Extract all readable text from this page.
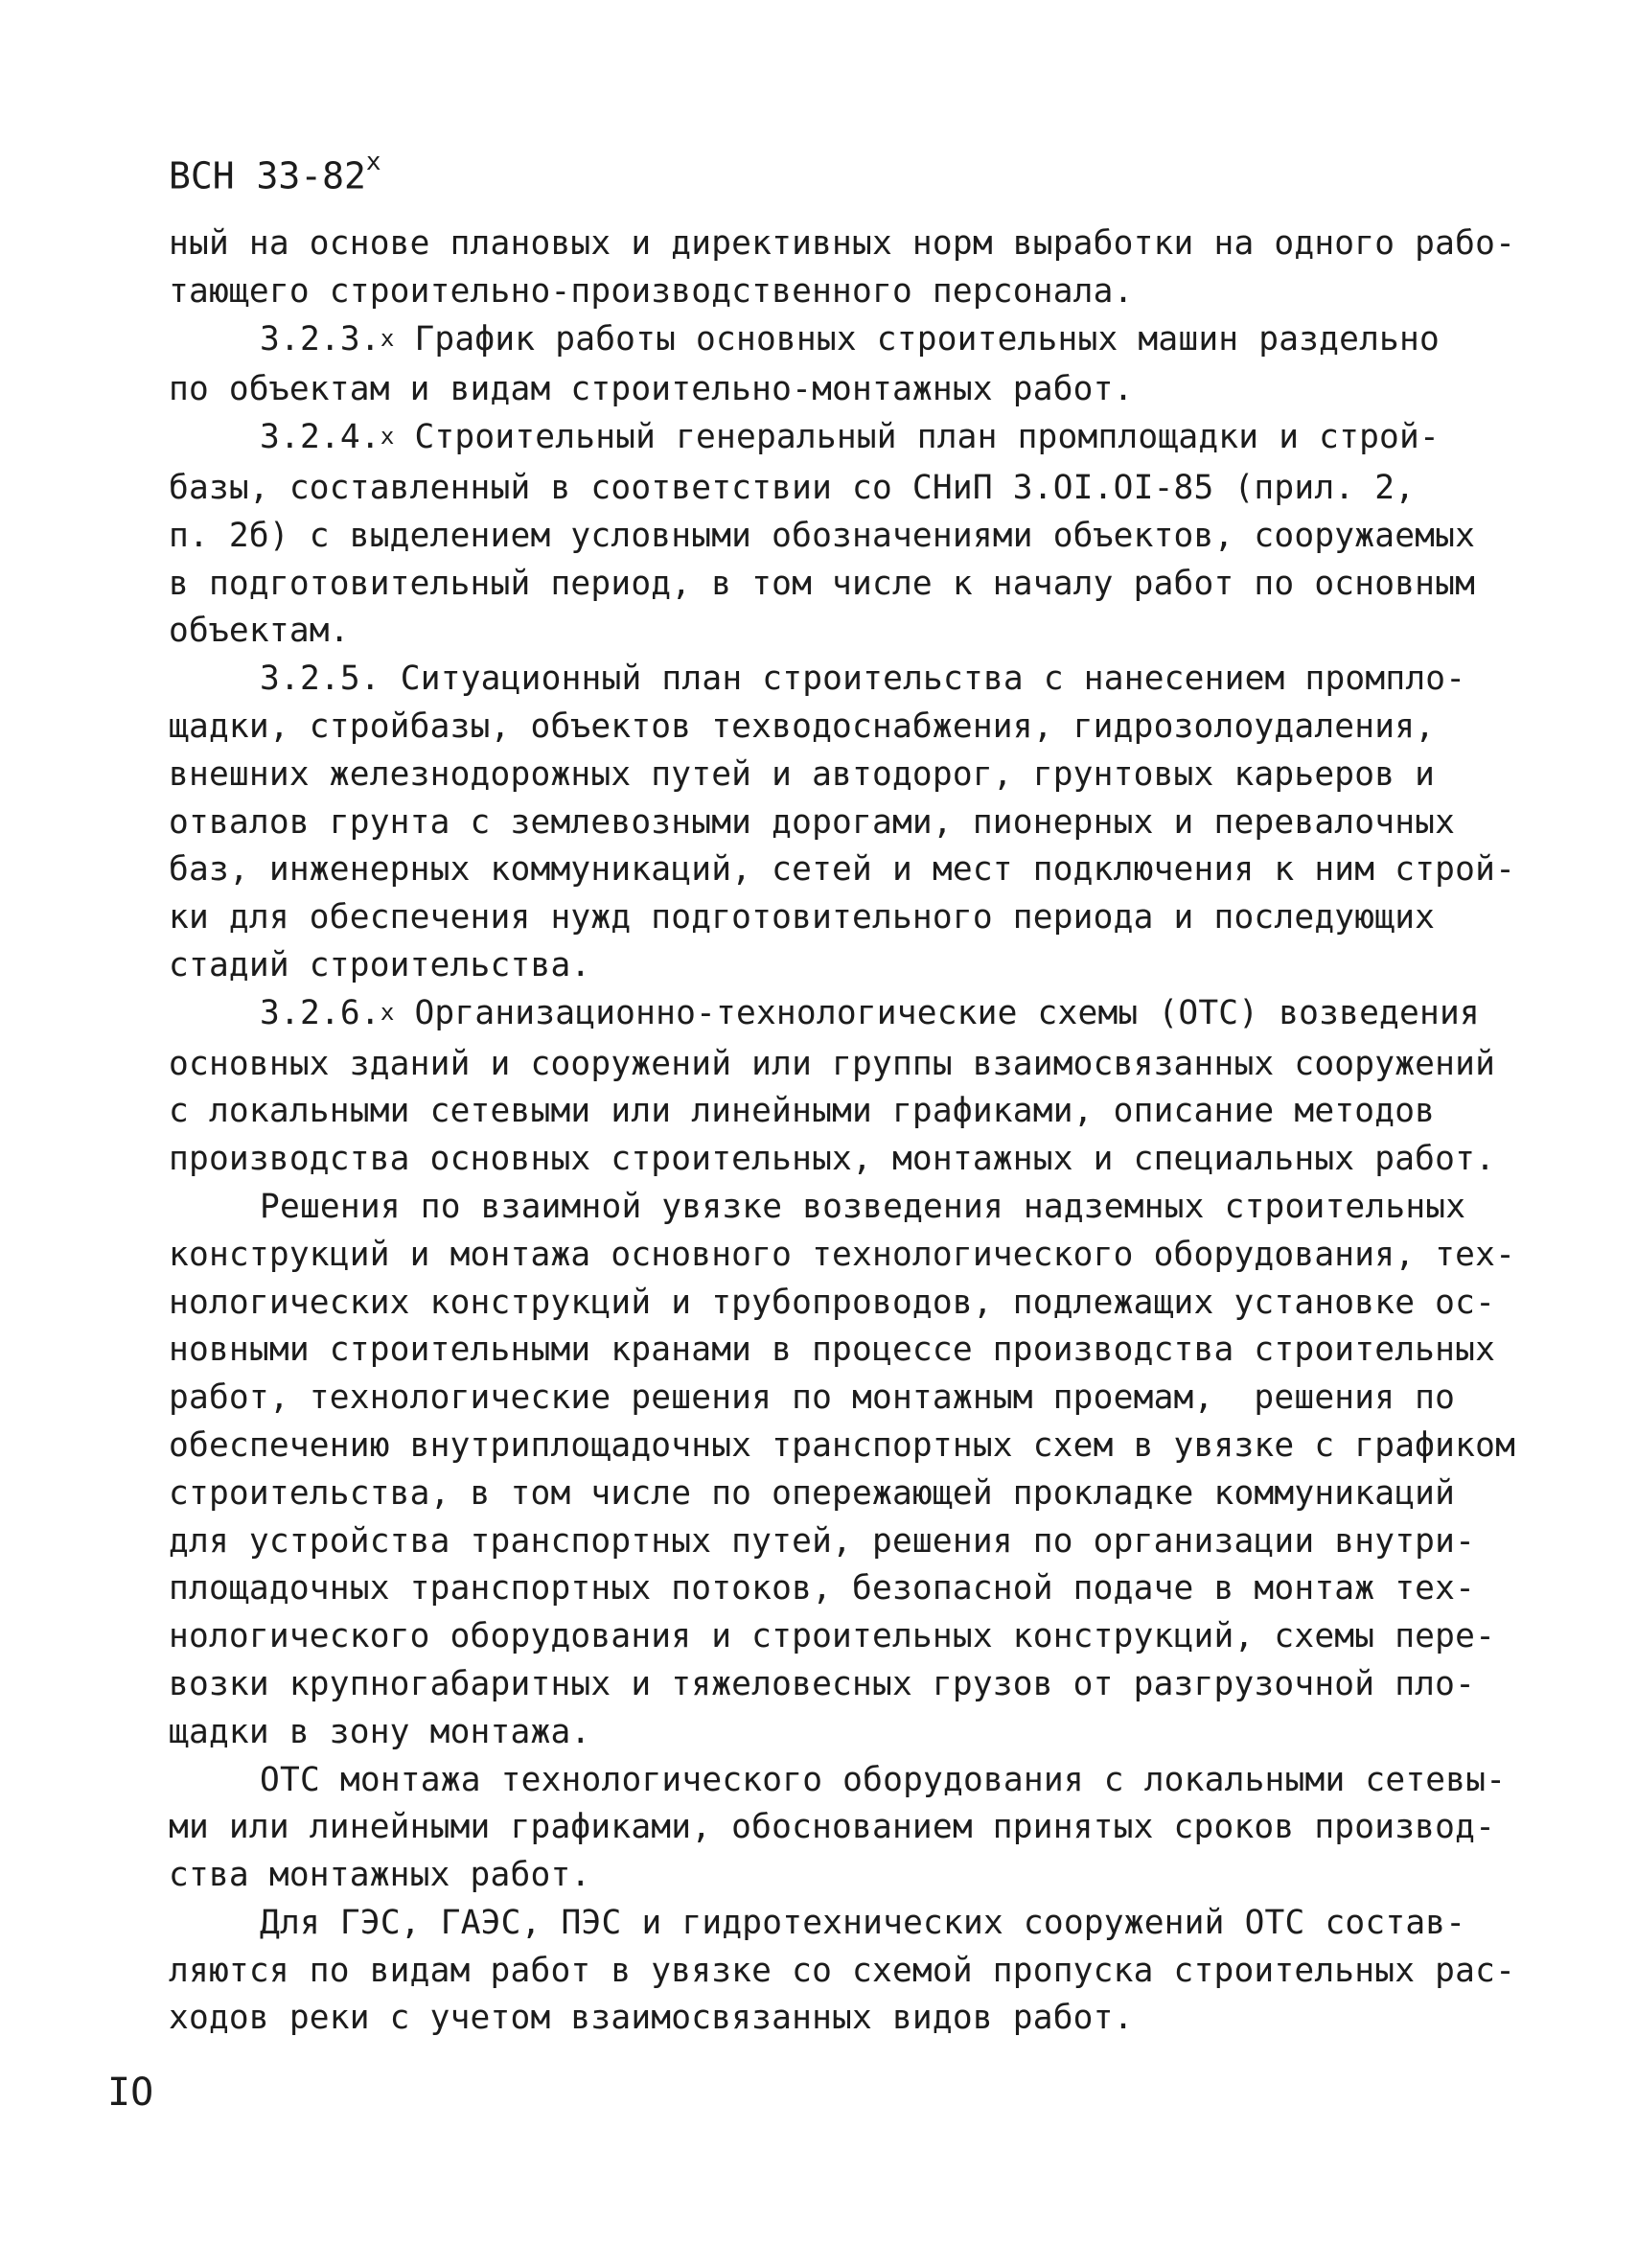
ВСН 33-82$^x$
ный на основе плановых и директивных норм выработки на одного рабо-
тающего строительно-производственного персонала.
3.2.3.$^x$ График работы основных строительных машин раздельно
по объектам и видам строительно-монтажных работ.
3.2.4.$^x$ Строительный генеральный план промплощадки и строй-
базы, составленный в соответствии со СНиП 3.OI.OI-85 (прил. 2,
п. 2б) с выделением условными обозначениями объектов, сооружаемых
в подготовительный период, в том числе к началу работ по основным
объектам.
3.2.5. Ситуационный план строительства с нанесением промпло-
щадки, стройбазы, объектов техводоснабжения, гидрозолоудаления,
внешних железнодорожных путей и автодорог, грунтовых карьеров и
отвалов грунта с землевозными дорогами, пионерных и перевалочных
баз, инженерных коммуникаций, сетей и мест подключения к ним строй-
ки для обеспечения нужд подготовительного периода и последующих
стадий строительства.
3.2.6.$^x$ Организационно-технологические схемы (ОТС) возведения
основных зданий и сооружений или группы взаимосвязанных сооружений
с локальными сетевыми или линейными графиками, описание методов
производства основных строительных, монтажных и специальных работ.
Решения по взаимной увязке возведения надземных строительных
конструкций и монтажа основного технологического оборудования, тех-
нологических конструкций и трубопроводов, подлежащих установке ос-
новными строительными кранами в процессе производства строительных
работ, технологические решения по монтажным проемам,  решения по
обеспечению внутриплощадочных транспортных схем в увязке с графиком
строительства, в том числе по опережающей прокладке коммуникаций
для устройства транспортных путей, решения по организации внутри-
площадочных транспортных потоков, безопасной подаче в монтаж тех-
нологического оборудования и строительных конструкций, схемы пере-
возки крупногабаритных и тяжеловесных грузов от разгрузочной пло-
щадки в зону монтажа.
ОТС монтажа технологического оборудования с локальными сетевы-
ми или линейными графиками, обоснованием принятых сроков производ-
ства монтажных работ.
Для ГЭС, ГАЭС, ПЭС и гидротехнических сооружений ОТС состав-
ляются по видам работ в увязке со схемой пропуска строительных рас-
ходов реки с учетом взаимосвязанных видов работ.
IO
